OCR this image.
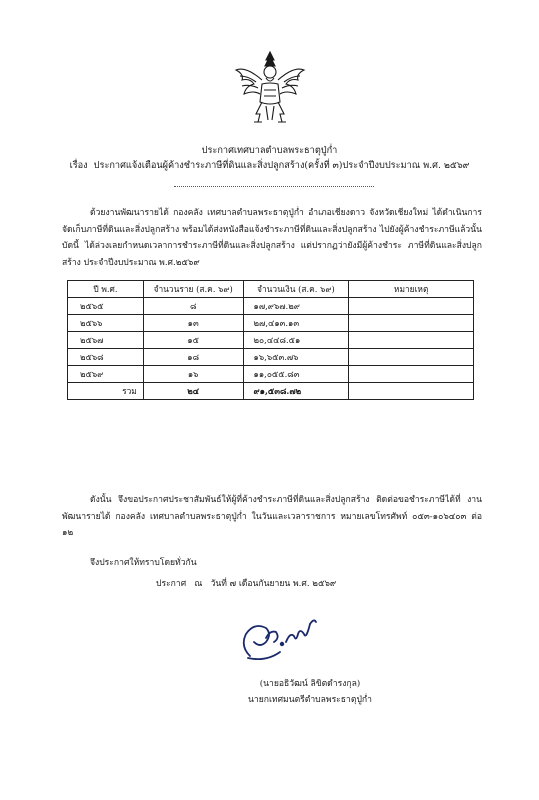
ประกาศเทศบาลตำบลพระธาตุปู่ก่ำ
เรื่อง ประกาศแจ้งเตือนผู้ค้างชำระภาษีที่ดินและสิ่งปลูกสร้าง(ครั้งที่ ๓)ประจำปีงบประมาณ พ.ศ. ๒๕๖๙
ด้วยงานพัฒนารายได้ กองคลัง เทศบาลตำบลพระธาตุปู่ก่ำ อำเภอเชียงดาว จังหวัดเชียงใหม่ ได้ดำเนินการจัดเก็บภาษีที่ดินและสิ่งปลูกสร้าง พร้อมได้ส่งหนังสือแจ้งชำระภาษีที่ดินและสิ่งปลูกสร้าง ไปยังผู้ค้างชำระภาษีแล้วนั้น บัดนี้ ได้ล่วงเลยกำหนดเวลาการชำระภาษีที่ดินและสิ่งปลูกสร้าง แต่ปรากฏว่ายังมีผู้ค้างชำระ ภาษีที่ดินและสิ่งปลูกสร้าง ประจำปีงบประมาณ พ.ศ.๒๕๖๙
ปี พ.ศ.	จำนวนราย (ส.ค. ๖๙)	จำนวนเงิน (ส.ค. ๖๙)	หมายเหตุ
๒๕๖๕	๘	๑๗,๙๖๗.๒๙	
๒๕๖๖	๑๓	๒๗,๔๑๓.๑๓	
๒๕๖๗	๑๕	๒๐,๔๔๘.๕๑	
๒๕๖๘	๑๘	๑๖,๖๕๓.๗๖	
๒๕๖๙	๑๖	๑๑,๐๕๕.๘๓	
รวม	๒๔	๙๑,๕๓๘.๗๒	
ดังนั้น จึงขอประกาศประชาสัมพันธ์ให้ผู้ที่ค้างชำระภาษีที่ดินและสิ่งปลูกสร้าง ติดต่อขอชำระภาษีได้ที่ งานพัฒนารายได้ กองคลัง เทศบาลตำบลพระธาตุปู่ก่ำ ในวันและเวลาราชการ หมายเลขโทรศัพท์ ๐๕๓-๑๐๖๔๐๓ ต่อ ๑๒
จึงประกาศให้ทราบโดยทั่วกัน
ประกาศ ณ วันที่ ๗ เดือนกันยายน พ.ศ. ๒๕๖๙
(นายอธิวัฒน์ ลิขิตดำรงกุล)
นายกเทศมนตรีตำบลพระธาตุปู่ก่ำ
